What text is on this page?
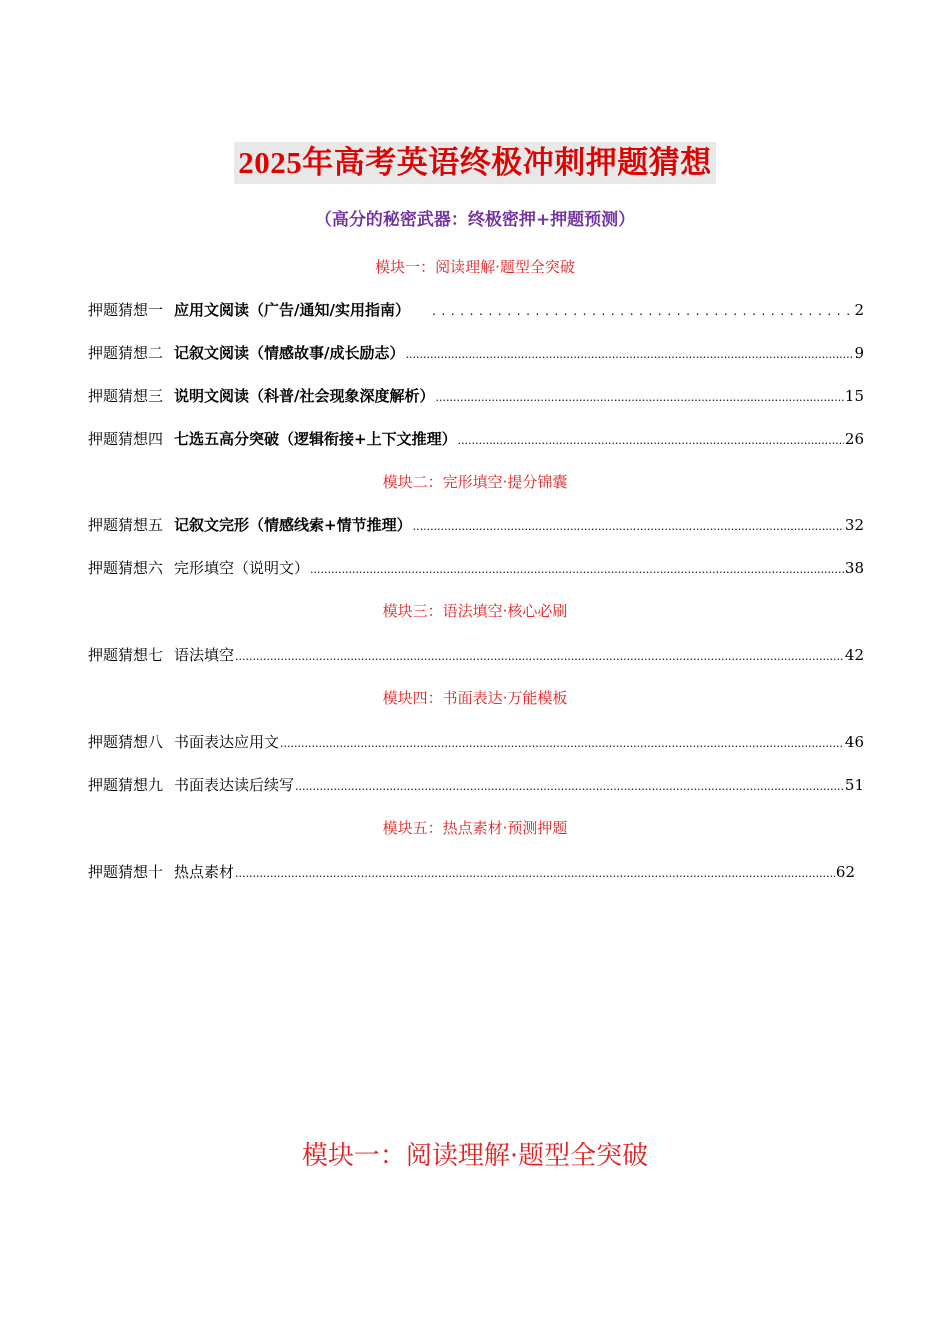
2025年高考英语终极冲刺押题猜想
（高分的秘密武器：终极密押+押题预测）
模块一：阅读理解·题型全突破
押题猜想一 应用文阅读（广告/通知/实用指南） .....	2
押题猜想二 记叙文阅读（情感故事/成长励志） .....	9
押题猜想三 说明文阅读（科普/社会现象深度解析） .....	15
押题猜想四 七选五高分突破（逻辑衔接+上下文推理） .....	26
模块二：完形填空·提分锦囊
押题猜想五 记叙文完形（情感线索+情节推理） .....	32
押题猜想六 完形填空（说明文） .....	38
模块三：语法填空·核心必刷
押题猜想七 语法填空 .....	42
模块四：书面表达·万能模板
押题猜想八 书面表达应用文 .....	46
押题猜想九 书面表达读后续写 .....	51
模块五：热点素材·预测押题
押题猜想十 热点素材 .....	62
模块一：阅读理解·题型全突破
